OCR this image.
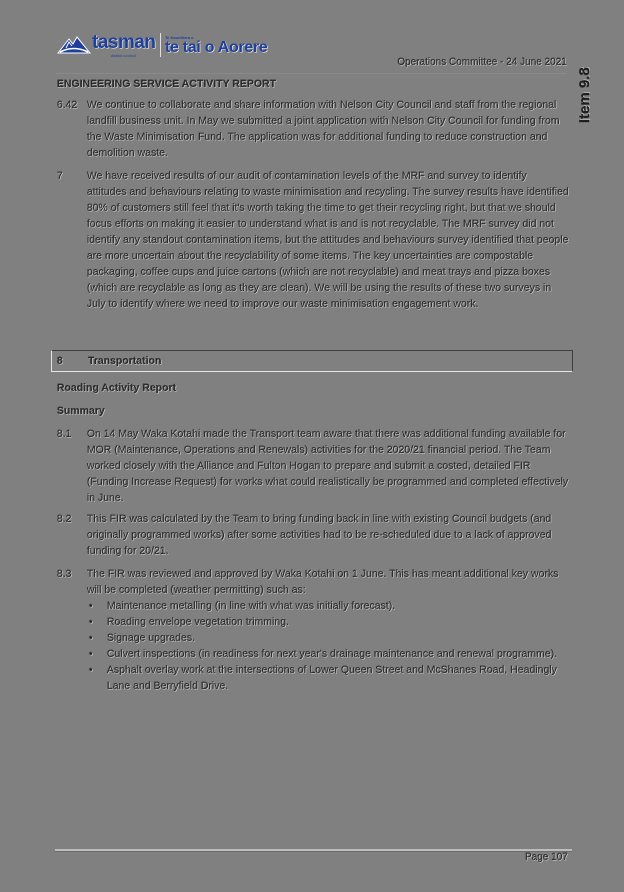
tasman
district council
Te Kaunihera o
te tai o Aorere
Operations Committee - 24 June 2021
Item 9.8
ENGINEERING SERVICE ACTIVITY REPORT
6.42 We continue to collaborate and share information with Nelson City Council and staff from the regional landfill business unit. In May we submitted a joint application with Nelson City Council for funding from the Waste Minimisation Fund. The application was for additional funding to reduce construction and demolition waste.
7 We have received results of our audit of contamination levels of the MRF and survey to identify attitudes and behaviours relating to waste minimisation and recycling. The survey results have identified 80% of customers still feel that it's worth taking the time to get their recycling right, but that we should focus efforts on making it easier to understand what is and is not recyclable. The MRF survey did not identify any standout contamination items, but the attitudes and behaviours survey identified that people are more uncertain about the recyclability of some items. The key uncertainties are compostable packaging, coffee cups and juice cartons (which are not recyclable) and meat trays and pizza boxes (which are recyclable as long as they are clean). We will be using the results of these two surveys in July to identify where we need to improve our waste minimisation engagement work.
8 Transportation
Roading Activity Report
Summary
8.1 On 14 May Waka Kotahi made the Transport team aware that there was additional funding available for MOR (Maintenance, Operations and Renewals) activities for the 2020/21 financial period. The Team worked closely with the Alliance and Fulton Hogan to prepare and submit a costed, detailed FIR (Funding Increase Request) for works what could realistically be programmed and completed effectively in June.
8.2 This FIR was calculated by the Team to bring funding back in line with existing Council budgets (and originally programmed works) after some activities had to be re-scheduled due to a lack of approved funding for 20/21.
8.3 The FIR was reviewed and approved by Waka Kotahi on 1 June. This has meant additional key works will be completed (weather permitting) such as:
• Maintenance metalling (in line with what was initially forecast).
• Roading envelope vegetation trimming.
• Signage upgrades.
• Culvert inspections (in readiness for next year's drainage maintenance and renewal programme).
• Asphalt overlay work at the intersections of Lower Queen Street and McShanes Road, Headingly Lane and Berryfield Drive.
Page 107
